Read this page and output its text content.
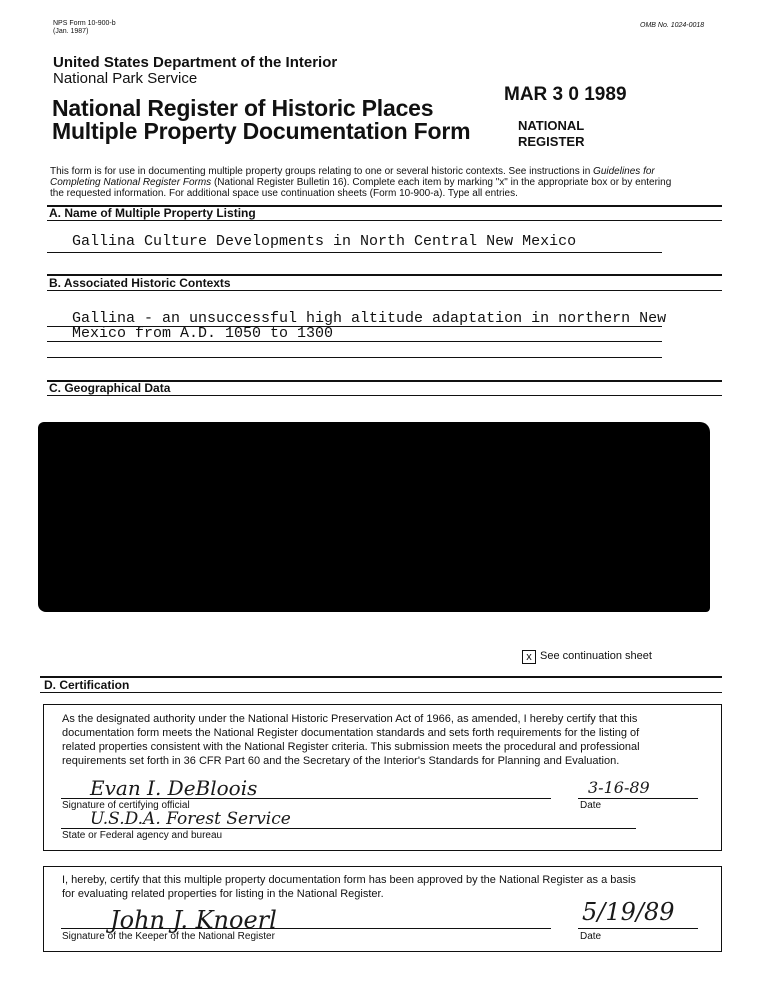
NPS Form 10-900-b
(Jan. 1987)
OMB No. 1024-0018
United States Department of the Interior
National Park Service
National Register of Historic Places
Multiple Property Documentation Form
MAR 3 0 1989
NATIONAL
REGISTER
This form is for use in documenting multiple property groups relating to one or several historic contexts. See instructions in Guidelines for
Completing National Register Forms (National Register Bulletin 16). Complete each item by marking "x" in the appropriate box or by entering
the requested information. For additional space use continuation sheets (Form 10-900-a). Type all entries.
A. Name of Multiple Property Listing
Gallina Culture Developments in North Central New Mexico
B. Associated Historic Contexts
Gallina - an unsuccessful high altitude adaptation in northern New
Mexico from A.D. 1050 to 1300
C. Geographical Data
x See continuation sheet
D. Certification
As the designated authority under the National Historic Preservation Act of 1966, as amended, I hereby certify that this
documentation form meets the National Register documentation standards and sets forth requirements for the listing of
related properties consistent with the National Register criteria. This submission meets the procedural and professional
requirements set forth in 36 CFR Part 60 and the Secretary of the Interior's Standards for Planning and Evaluation.
Evan I. DeBloois
Signature of certifying official
3-16-89
Date
U.S.D.A. Forest Service
State or Federal agency and bureau
I, hereby, certify that this multiple property documentation form has been approved by the National Register as a basis
for evaluating related properties for listing in the National Register.
John J. Knoerl
Signature of the Keeper of the National Register
5/19/89
Date
